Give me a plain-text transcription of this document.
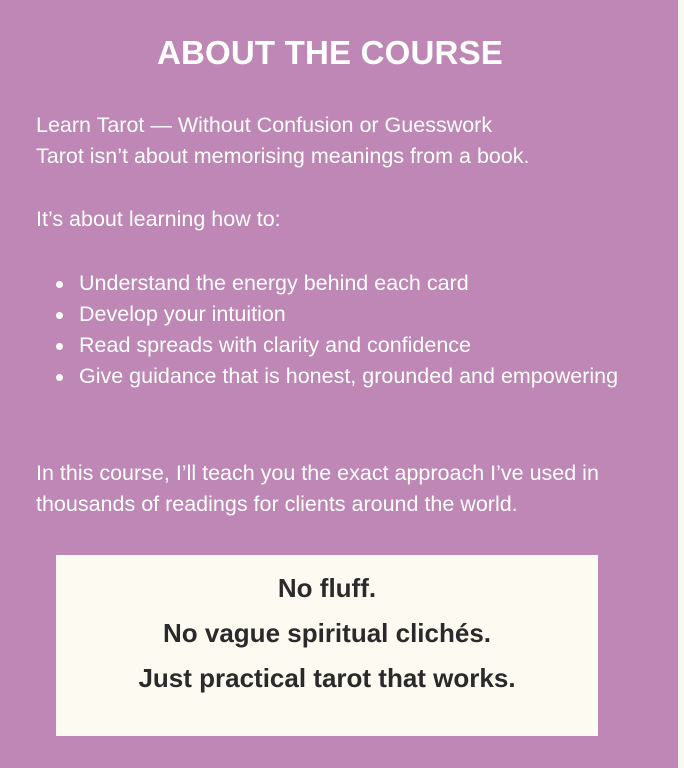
ABOUT THE COURSE

Learn Tarot — Without Confusion or Guesswork
Tarot isn’t about memorising meanings from a book.

It’s about learning how to:

Understand the energy behind each card
Develop your intuition
Read spreads with clarity and confidence
Give guidance that is honest, grounded and empowering

In this course, I’ll teach you the exact approach I’ve used in thousands of readings for clients around the world.

No fluff.
No vague spiritual clichés.
Just practical tarot that works.
